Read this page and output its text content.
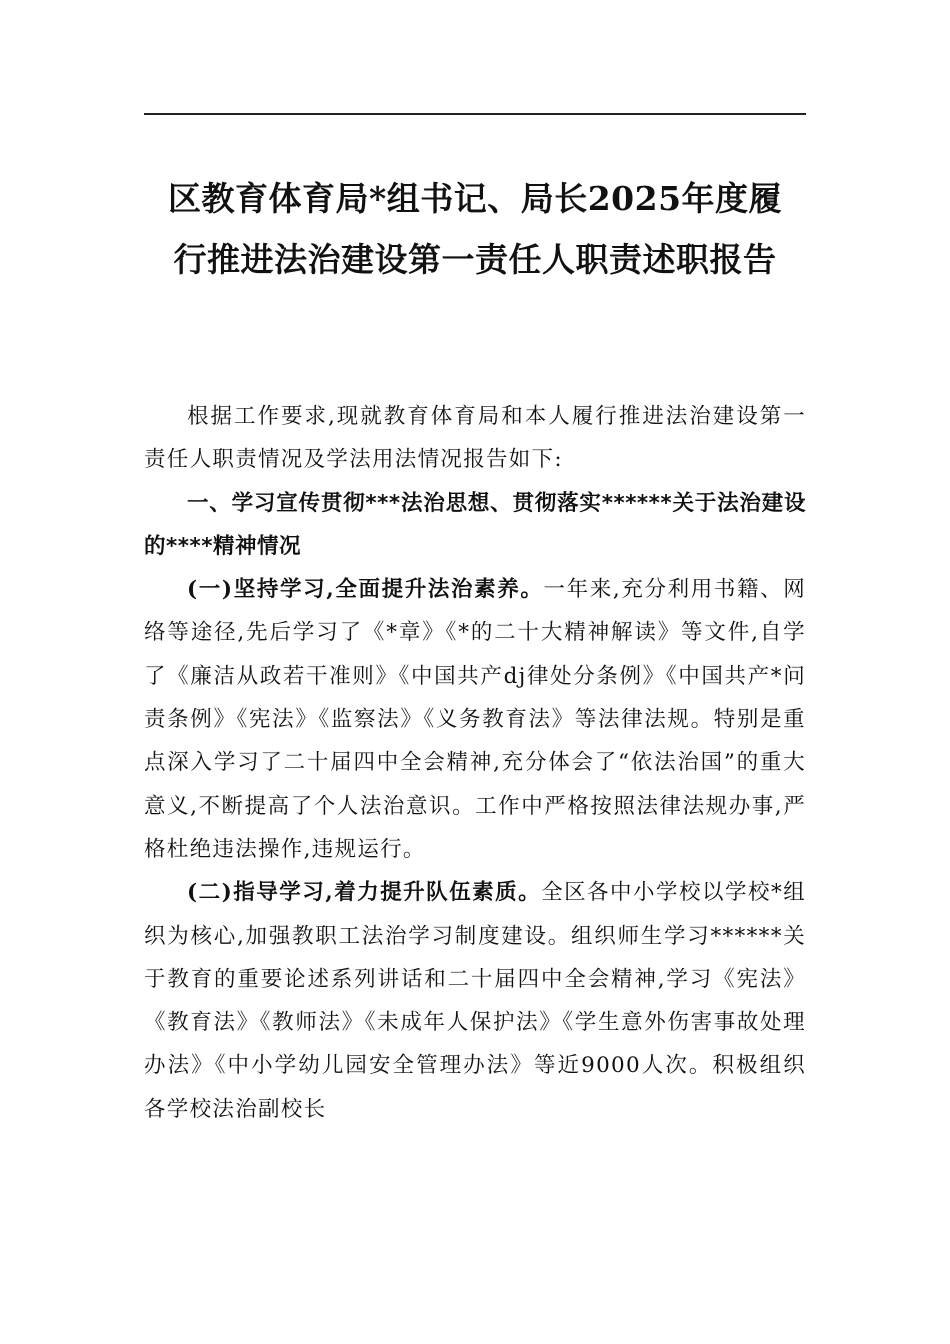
区教育体育局*组书记、局长2025年度履
行推进法治建设第一责任人职责述职报告

根据工作要求,现就教育体育局和本人履行推进法治建设第一责任人职责情况及学法用法情况报告如下:

一、学习宣传贯彻***法治思想、贯彻落实******关于法治建设的****精神情况

(一)坚持学习,全面提升法治素养。一年来,充分利用书籍、网络等途径,先后学习了《*章》《*的二十大精神解读》等文件,自学了《廉洁从政若干准则》《中国共产dj律处分条例》《中国共产*问责条例》《宪法》《监察法》《义务教育法》等法律法规。特别是重点深入学习了二十届四中全会精神,充分体会了“依法治国”的重大意义,不断提高了个人法治意识。工作中严格按照法律法规办事,严格杜绝违法操作,违规运行。

(二)指导学习,着力提升队伍素质。全区各中小学校以学校*组织为核心,加强教职工法治学习制度建设。组织师生学习******关于教育的重要论述系列讲话和二十届四中全会精神,学习《宪法》《教育法》《教师法》《未成年人保护法》《学生意外伤害事故处理办法》《中小学幼儿园安全管理办法》等近9000人次。积极组织各学校法治副校长
